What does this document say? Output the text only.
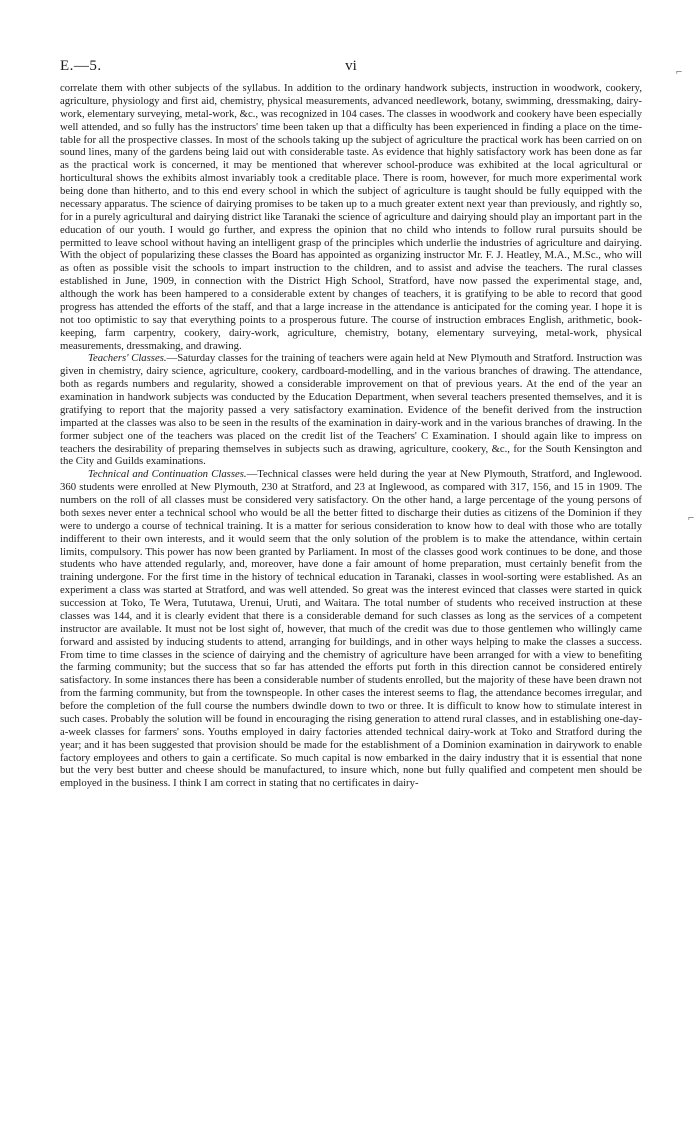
E.—5.	vi

correlate them with other subjects of the syllabus. In addition to the ordinary handwork subjects, instruction in woodwork, cookery, agriculture, physiology and first aid, chemistry, physical measurements, advanced needlework, botany, swimming, dressmaking, dairy-work, elementary surveying, metal-work, &c., was recognized in 104 cases. The classes in woodwork and cookery have been especially well attended, and so fully has the instructors' time been taken up that a difficulty has been experienced in finding a place on the time-table for all the prospective classes. In most of the schools taking up the subject of agriculture the practical work has been carried on on sound lines, many of the gardens being laid out with considerable taste. As evidence that highly satisfactory work has been done as far as the practical work is concerned, it may be mentioned that wherever school-produce was exhibited at the local agricultural or horticultural shows the exhibits almost invariably took a creditable place. There is room, however, for much more experimental work being done than hitherto, and to this end every school in which the subject of agriculture is taught should be fully equipped with the necessary apparatus. The science of dairying promises to be taken up to a much greater extent next year than previously, and rightly so, for in a purely agricultural and dairying district like Taranaki the science of agriculture and dairying should play an important part in the education of our youth. I would go further, and express the opinion that no child who intends to follow rural pursuits should be permitted to leave school without having an intelligent grasp of the principles which underlie the industries of agriculture and dairying. With the object of popularizing these classes the Board has appointed as organizing instructor Mr. F. J. Heatley, M.A., M.Sc., who will as often as possible visit the schools to impart instruction to the children, and to assist and advise the teachers. The rural classes established in June, 1909, in connection with the District High School, Stratford, have now passed the experimental stage, and, although the work has been hampered to a considerable extent by changes of teachers, it is gratifying to be able to record that good progress has attended the efforts of the staff, and that a large increase in the attendance is anticipated for the coming year. I hope it is not too optimistic to say that everything points to a prosperous future. The course of instruction embraces English, arithmetic, book-keeping, farm carpentry, cookery, dairy-work, agriculture, chemistry, botany, elementary surveying, metal-work, physical measurements, dressmaking, and drawing.

Teachers' Classes.—Saturday classes for the training of teachers were again held at New Plymouth and Stratford. Instruction was given in chemistry, dairy science, agriculture, cookery, cardboard-modelling, and in the various branches of drawing. The attendance, both as regards numbers and regularity, showed a considerable improvement on that of previous years. At the end of the year an examination in handwork subjects was conducted by the Education Department, when several teachers presented themselves, and it is gratifying to report that the majority passed a very satisfactory examination. Evidence of the benefit derived from the instruction imparted at the classes was also to be seen in the results of the examination in dairy-work and in the various branches of drawing. In the former subject one of the teachers was placed on the credit list of the Teachers' C Examination. I should again like to impress on teachers the desirability of preparing themselves in subjects such as drawing, agriculture, cookery, &c., for the South Kensington and the City and Guilds examinations.

Technical and Continuation Classes.—Technical classes were held during the year at New Plymouth, Stratford, and Inglewood. 360 students were enrolled at New Plymouth, 230 at Stratford, and 23 at Inglewood, as compared with 317, 156, and 15 in 1909. The numbers on the roll of all classes must be considered very satisfactory. On the other hand, a large percentage of the young persons of both sexes never enter a technical school who would be all the better fitted to discharge their duties as citizens of the Dominion if they were to undergo a course of technical training. It is a matter for serious consideration to know how to deal with those who are totally indifferent to their own interests, and it would seem that the only solution of the problem is to make the attendance, within certain limits, compulsory. This power has now been granted by Parliament. In most of the classes good work continues to be done, and those students who have attended regularly, and, moreover, have done a fair amount of home preparation, must certainly benefit from the training undergone. For the first time in the history of technical education in Taranaki, classes in wool-sorting were established. As an experiment a class was started at Stratford, and was well attended. So great was the interest evinced that classes were started in quick succession at Toko, Te Wera, Tututawa, Urenui, Uruti, and Waitara. The total number of students who received instruction at these classes was 144, and it is clearly evident that there is a considerable demand for such classes as long as the services of a competent instructor are available. It must not be lost sight of, however, that much of the credit was due to those gentlemen who willingly came forward and assisted by inducing students to attend, arranging for buildings, and in other ways helping to make the classes a success. From time to time classes in the science of dairying and the chemistry of agriculture have been arranged for with a view to benefiting the farming community; but the success that so far has attended the efforts put forth in this direction cannot be considered entirely satisfactory. In some instances there has been a considerable number of students enrolled, but the majority of these have been drawn not from the farming community, but from the townspeople. In other cases the interest seems to flag, the attendance becomes irregular, and before the completion of the full course the numbers dwindle down to two or three. It is difficult to know how to stimulate interest in such cases. Probably the solution will be found in encouraging the rising generation to attend rural classes, and in establishing one-day-a-week classes for farmers' sons. Youths employed in dairy factories attended technical dairy-work at Toko and Stratford during the year; and it has been suggested that provision should be made for the establishment of a Dominion examination in dairywork to enable factory employees and others to gain a certificate. So much capital is now embarked in the dairy industry that it is essential that none but the very best butter and cheese should be manufactured, to insure which, none but fully qualified and competent men should be employed in the business. I think I am correct in stating that no certificates in dairy-

⌐
⌐
